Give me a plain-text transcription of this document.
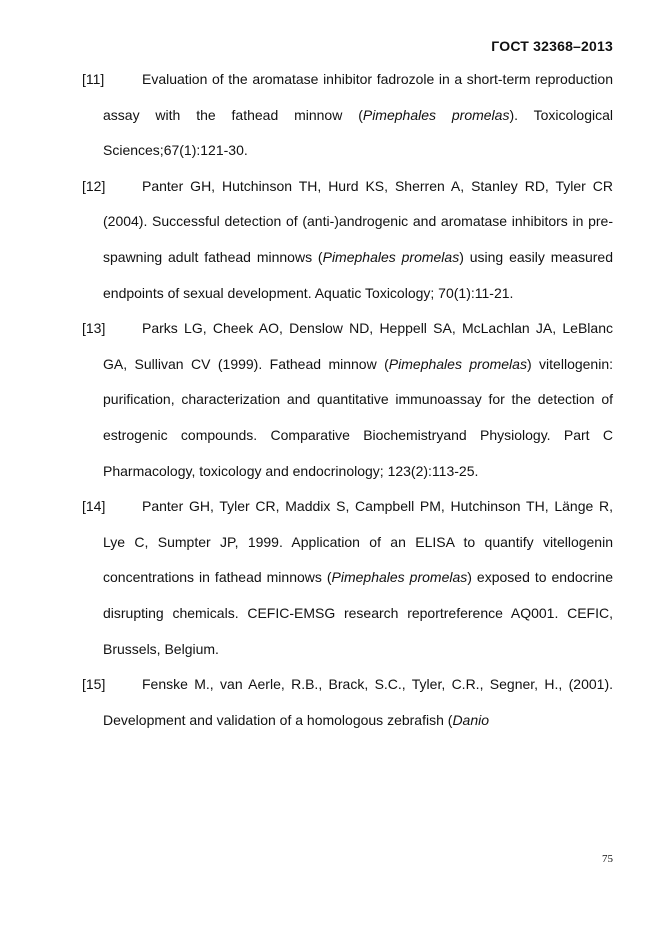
ГОСТ 32368–2013
[11]	Evaluation of the aromatase inhibitor fadrozole in a short-term reproduction assay with the fathead minnow (Pimephales promelas). Toxicological Sciences;67(1):121-30.
[12]	Panter GH, Hutchinson TH, Hurd KS, Sherren A, Stanley RD, Tyler CR (2004). Successful detection of (anti-)androgenic and aromatase inhibitors in pre-spawning adult fathead minnows (Pimephales promelas) using easily measured endpoints of sexual development. Aquatic Toxicology; 70(1):11-21.
[13]	Parks LG, Cheek AO, Denslow ND, Heppell SA, McLachlan JA, LeBlanc GA, Sullivan CV (1999). Fathead minnow (Pimephales promelas) vitellogenin: purification, characterization and quantitative immunoassay for the detection of estrogenic compounds. Comparative Biochemistryand Physiology. Part C Pharmacology, toxicology and endocrinology; 123(2):113-25.
[14]	Panter GH, Tyler CR, Maddix S, Campbell PM, Hutchinson TH, Länge R, Lye C, Sumpter JP, 1999. Application of an ELISA to quantify vitellogenin concentrations in fathead minnows (Pimephales promelas) exposed to endocrine disrupting chemicals. CEFIC-EMSG research reportreference AQ001. CEFIC, Brussels, Belgium.
[15]	Fenske M., van Aerle, R.B., Brack, S.C., Tyler, C.R., Segner, H., (2001). Development and validation of a homologous zebrafish (Danio
75
